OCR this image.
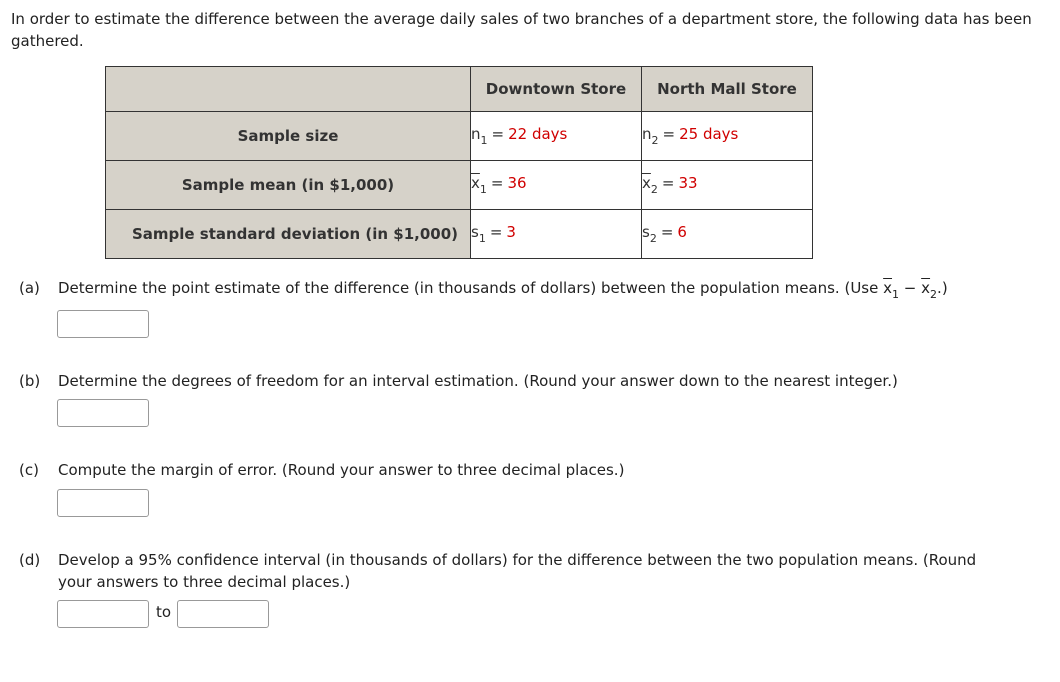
In order to estimate the difference between the average daily sales of two branches of a department store, the following data has been gathered.

	Downtown Store	North Mall Store
Sample size	$n_1 = 22$ days	$n_2 = 25$ days
Sample mean (in $1,000)	$\overline{x}_1 = 36$	$\overline{x}_2 = 33$
Sample standard deviation (in $1,000)	$s_1 = 3$	$s_2 = 6$

(a) Determine the point estimate of the difference (in thousands of dollars) between the population means. (Use $\overline{x}_1 - \overline{x}_2$.)

(b) Determine the degrees of freedom for an interval estimation. (Round your answer down to the nearest integer.)

(c) Compute the margin of error. (Round your answer to three decimal places.)

(d) Develop a 95% confidence interval (in thousands of dollars) for the difference between the two population means. (Round
your answers to three decimal places.)

to
